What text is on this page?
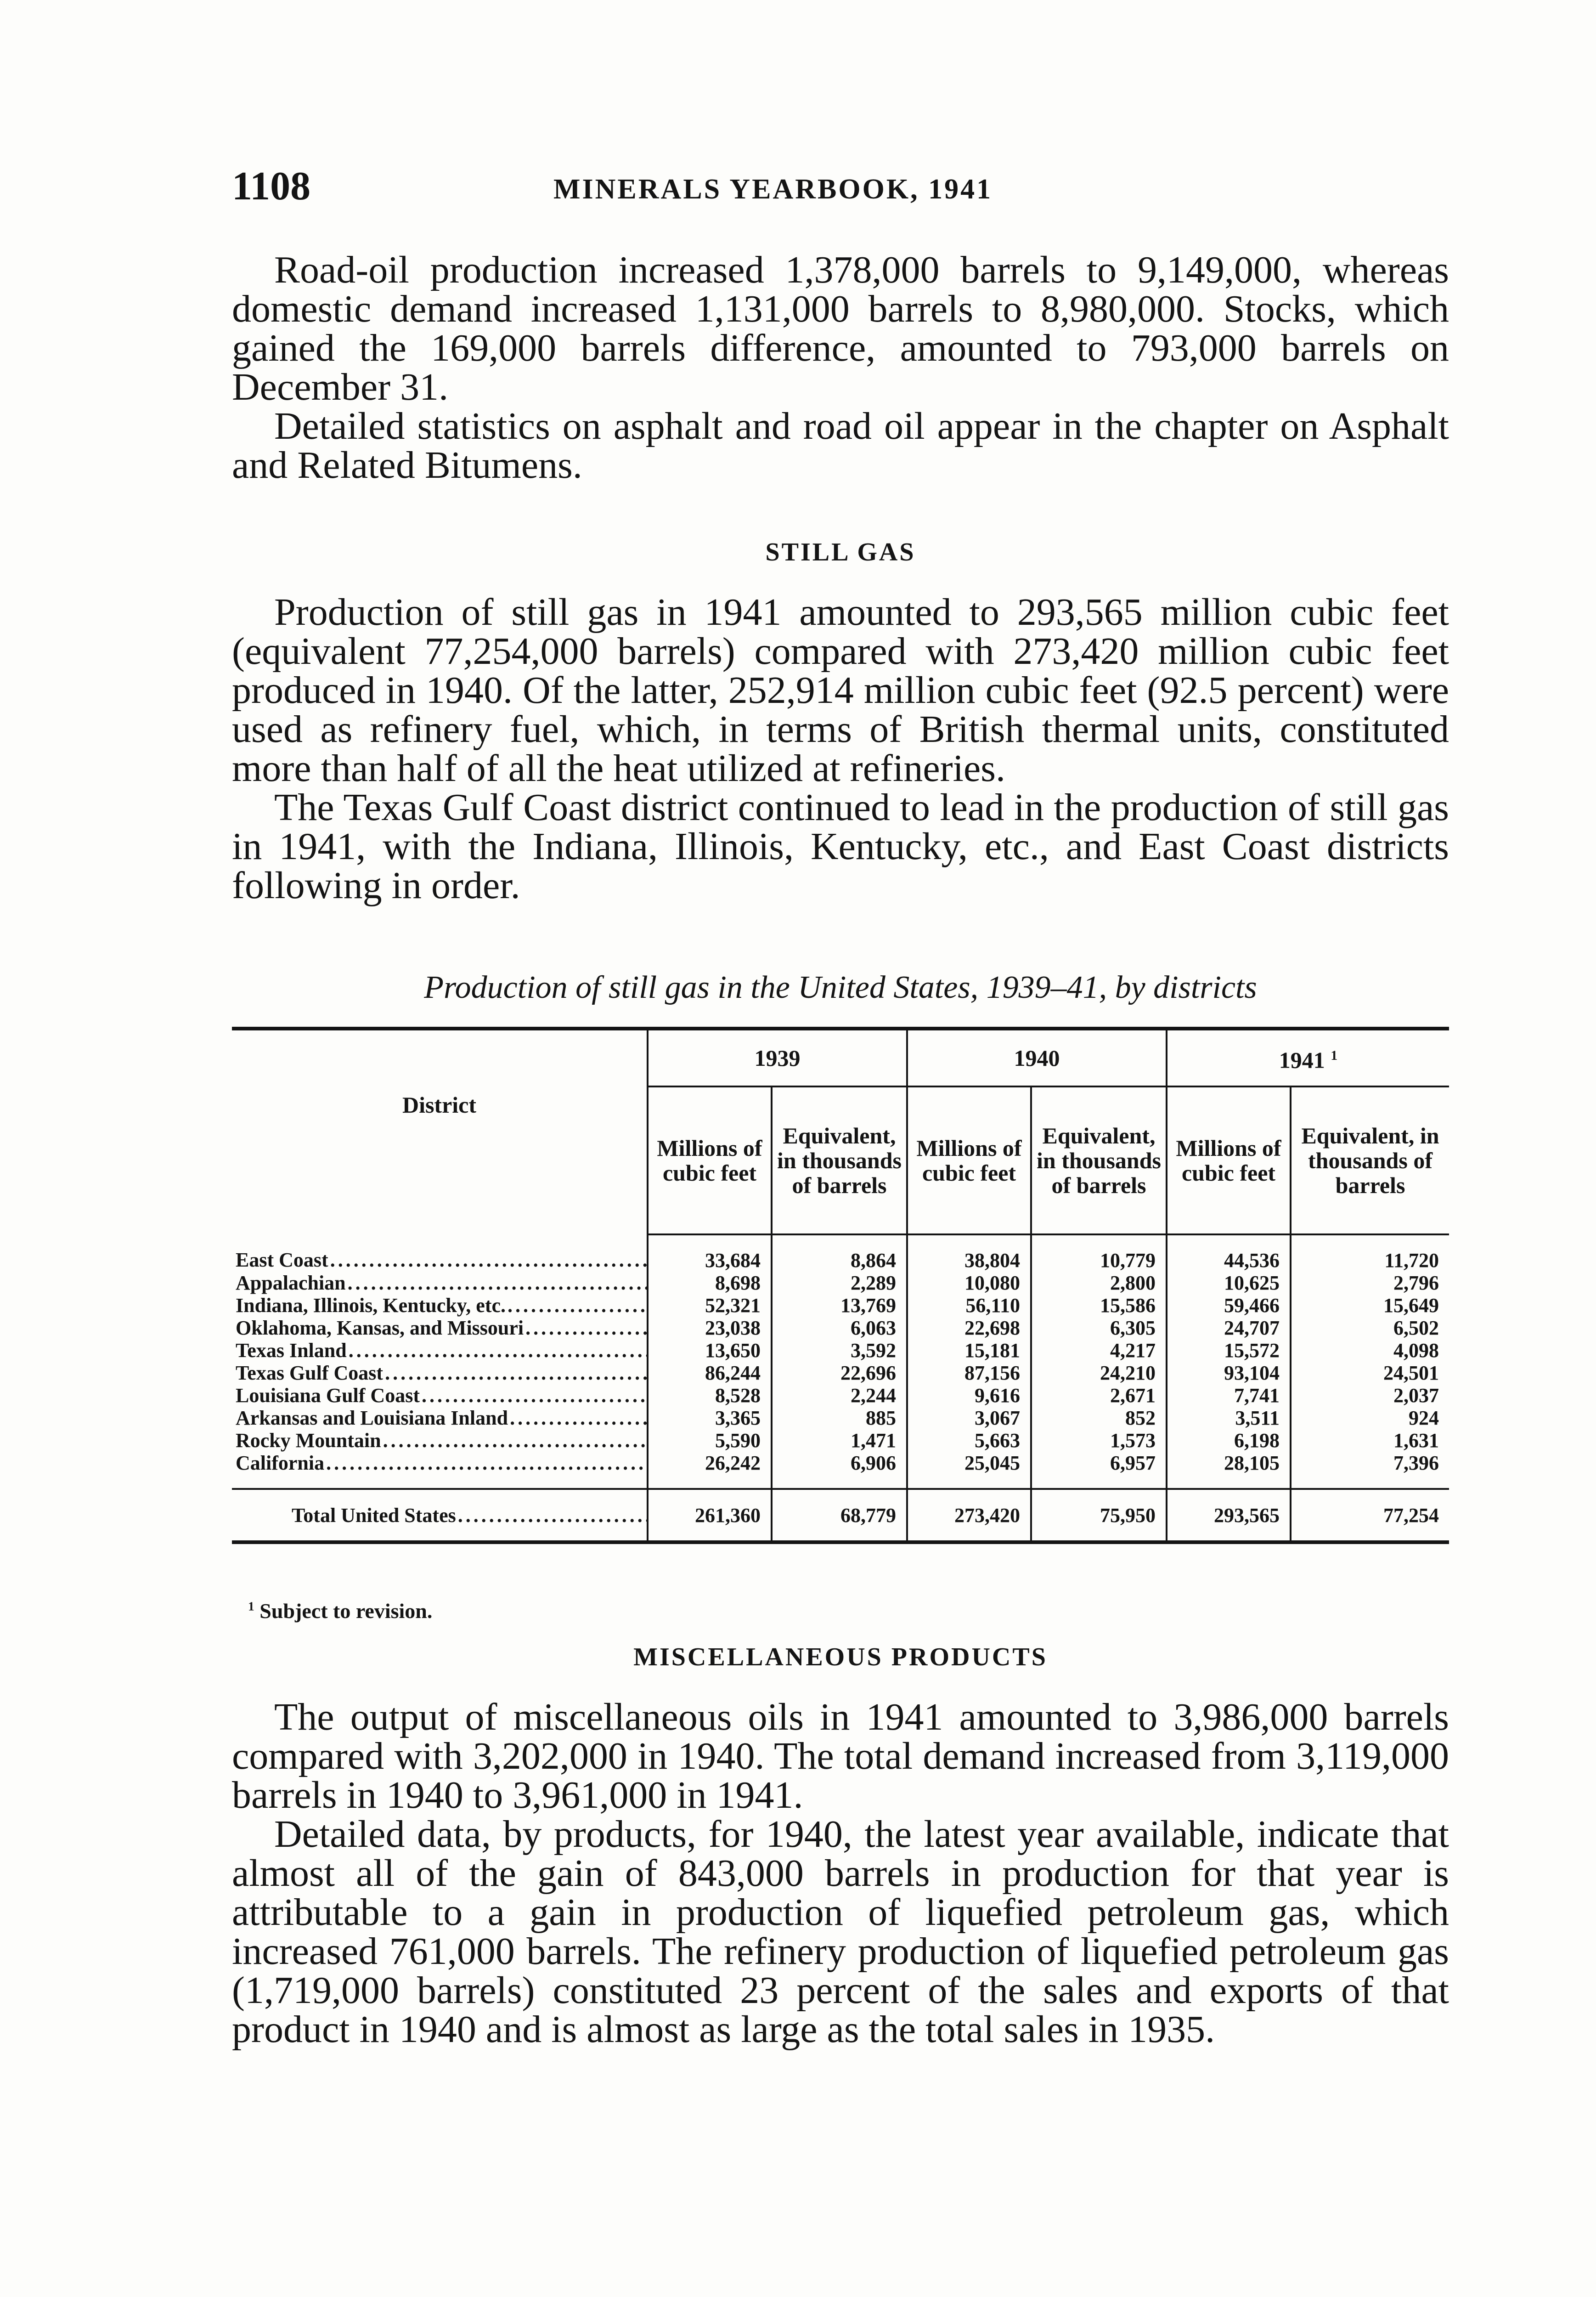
1108	MINERALS YEARBOOK, 1941

Road-oil production increased 1,378,000 barrels to 9,149,000, whereas domestic demand increased 1,131,000 barrels to 8,980,000. Stocks, which gained the 169,000 barrels difference, amounted to 793,000 barrels on December 31.

Detailed statistics on asphalt and road oil appear in the chapter on Asphalt and Related Bitumens.

STILL GAS

Production of still gas in 1941 amounted to 293,565 million cubic feet (equivalent 77,254,000 barrels) compared with 273,420 million cubic feet produced in 1940. Of the latter, 252,914 million cubic feet (92.5 percent) were used as refinery fuel, which, in terms of British thermal units, constituted more than half of all the heat utilized at refineries.

The Texas Gulf Coast district continued to lead in the production of still gas in 1941, with the Indiana, Illinois, Kentucky, etc., and East Coast districts following in order.

Production of still gas in the United States, 1939–41, by districts

District	1939		1940		1941 $^1$
	Millions of cubic feet	Equivalent, in thousands of barrels	Millions of cubic feet	Equivalent, in thousands of barrels	Millions of cubic feet	Equivalent, in thousands of barrels
East Coast .....	33,684	8,864	38,804	10,779	44,536	11,720
Appalachian .....	8,698	2,289	10,080	2,800	10,625	2,796
Indiana, Illinois, Kentucky, etc. .....	52,321	13,769	56,110	15,586	59,466	15,649
Oklahoma, Kansas, and Missouri .....	23,038	6,063	22,698	6,305	24,707	6,502
Texas Inland .....	13,650	3,592	15,181	4,217	15,572	4,098
Texas Gulf Coast .....	86,244	22,696	87,156	24,210	93,104	24,501
Louisiana Gulf Coast .....	8,528	2,244	9,616	2,671	7,741	2,037
Arkansas and Louisiana Inland .....	3,365	885	3,067	852	3,511	924
Rocky Mountain .....	5,590	1,471	5,663	1,573	6,198	1,631
California .....	26,242	6,906	25,045	6,957	28,105	7,396
Total United States .....	261,360	68,779	273,420	75,950	293,565	77,254
$^1$ Subject to revision.

MISCELLANEOUS PRODUCTS

The output of miscellaneous oils in 1941 amounted to 3,986,000 barrels compared with 3,202,000 in 1940. The total demand increased from 3,119,000 barrels in 1940 to 3,961,000 in 1941.

Detailed data, by products, for 1940, the latest year available, indicate that almost all of the gain of 843,000 barrels in production for that year is attributable to a gain in production of liquefied petroleum gas, which increased 761,000 barrels. The refinery production of liquefied petroleum gas (1,719,000 barrels) constituted 23 percent of the sales and exports of that product in 1940 and is almost as large as the total sales in 1935.
